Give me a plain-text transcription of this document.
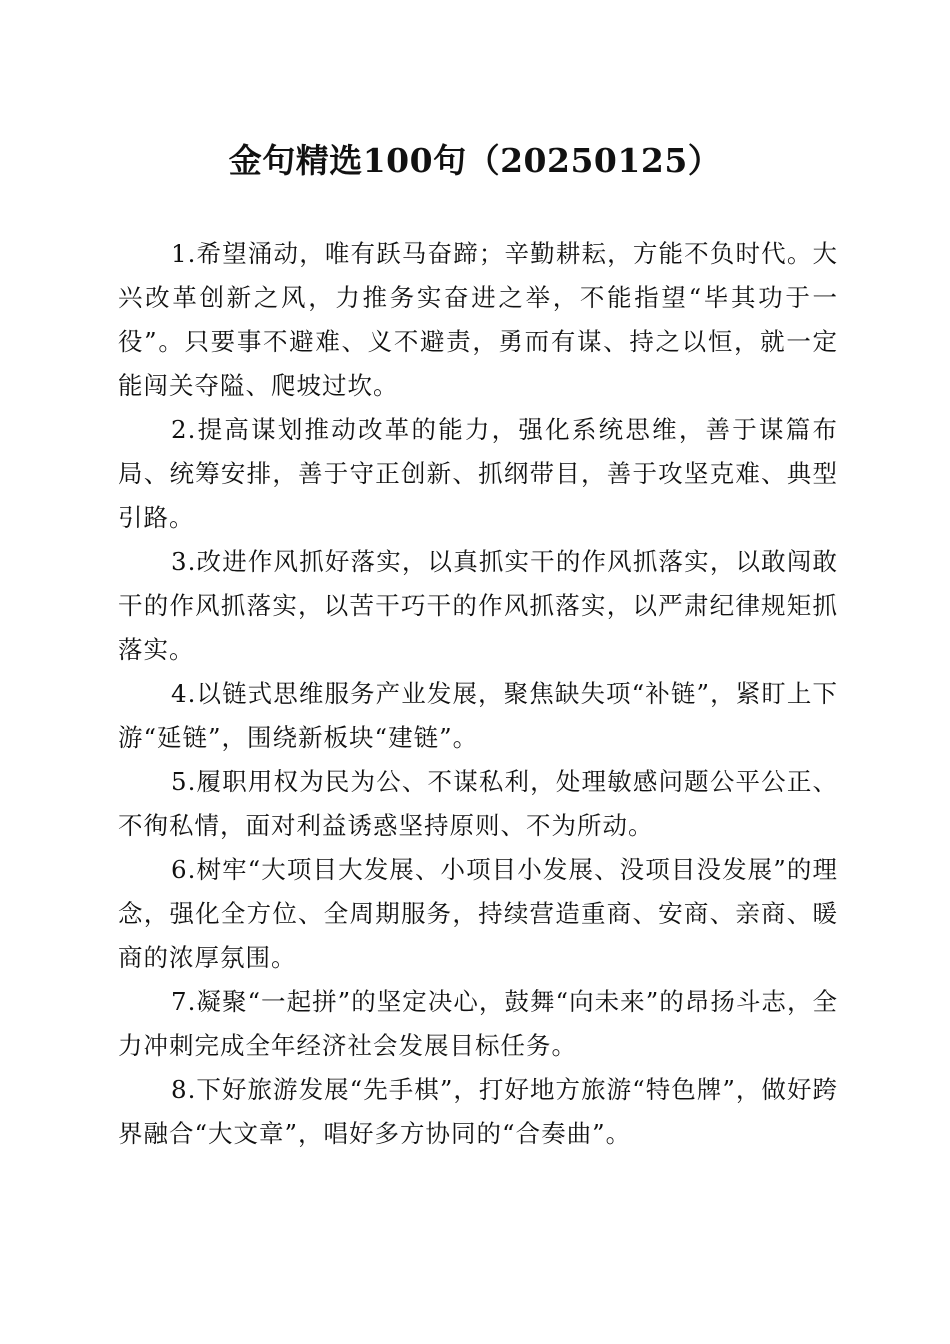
金句精选100句（20250125）

1.希望涌动，唯有跃马奋蹄；辛勤耕耘，方能不负时代。大兴改革创新之风，力推务实奋进之举，不能指望“毕其功于一役”。只要事不避难、义不避责，勇而有谋、持之以恒，就一定能闯关夺隘、爬坡过坎。

2.提高谋划推动改革的能力，强化系统思维，善于谋篇布局、统筹安排，善于守正创新、抓纲带目，善于攻坚克难、典型引路。

3.改进作风抓好落实，以真抓实干的作风抓落实，以敢闯敢干的作风抓落实，以苦干巧干的作风抓落实，以严肃纪律规矩抓落实。

4.以链式思维服务产业发展，聚焦缺失项“补链”，紧盯上下游“延链”，围绕新板块“建链”。

5.履职用权为民为公、不谋私利，处理敏感问题公平公正、不徇私情，面对利益诱惑坚持原则、不为所动。

6.树牢“大项目大发展、小项目小发展、没项目没发展”的理念，强化全方位、全周期服务，持续营造重商、安商、亲商、暖商的浓厚氛围。

7.凝聚“一起拼”的坚定决心，鼓舞“向未来”的昂扬斗志，全力冲刺完成全年经济社会发展目标任务。

8.下好旅游发展“先手棋”，打好地方旅游“特色牌”，做好跨界融合“大文章”，唱好多方协同的“合奏曲”。
